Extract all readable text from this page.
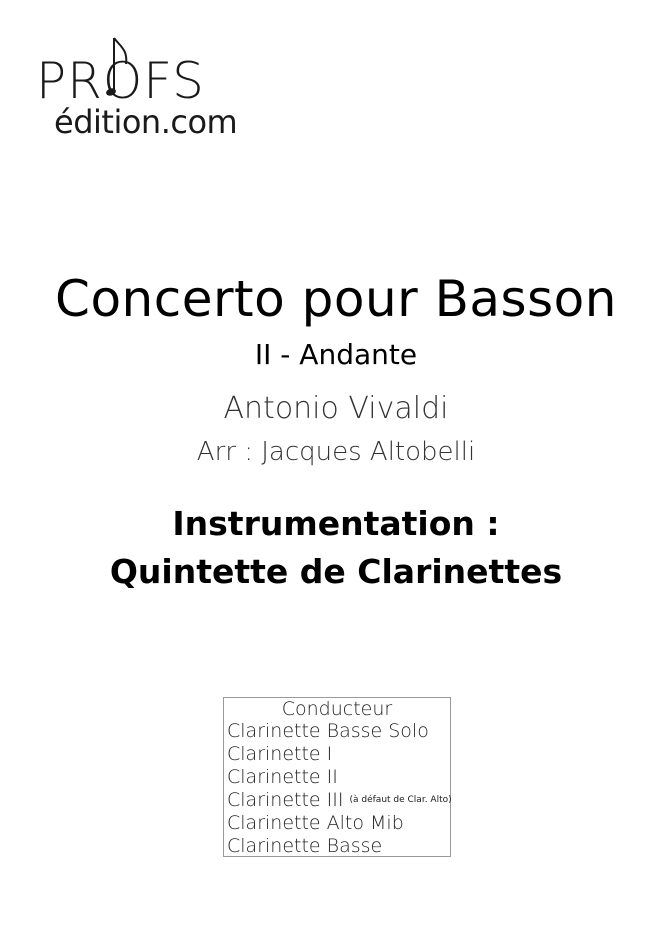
PROFS
édition.com
Concerto pour Basson
II - Andante
Antonio Vivaldi
Arr : Jacques Altobelli
Instrumentation :
Quintette de Clarinettes
Conducteur
Clarinette Basse Solo
Clarinette I
Clarinette II
Clarinette III (à défaut de Clar. Alto)
Clarinette Alto Mib
Clarinette Basse
